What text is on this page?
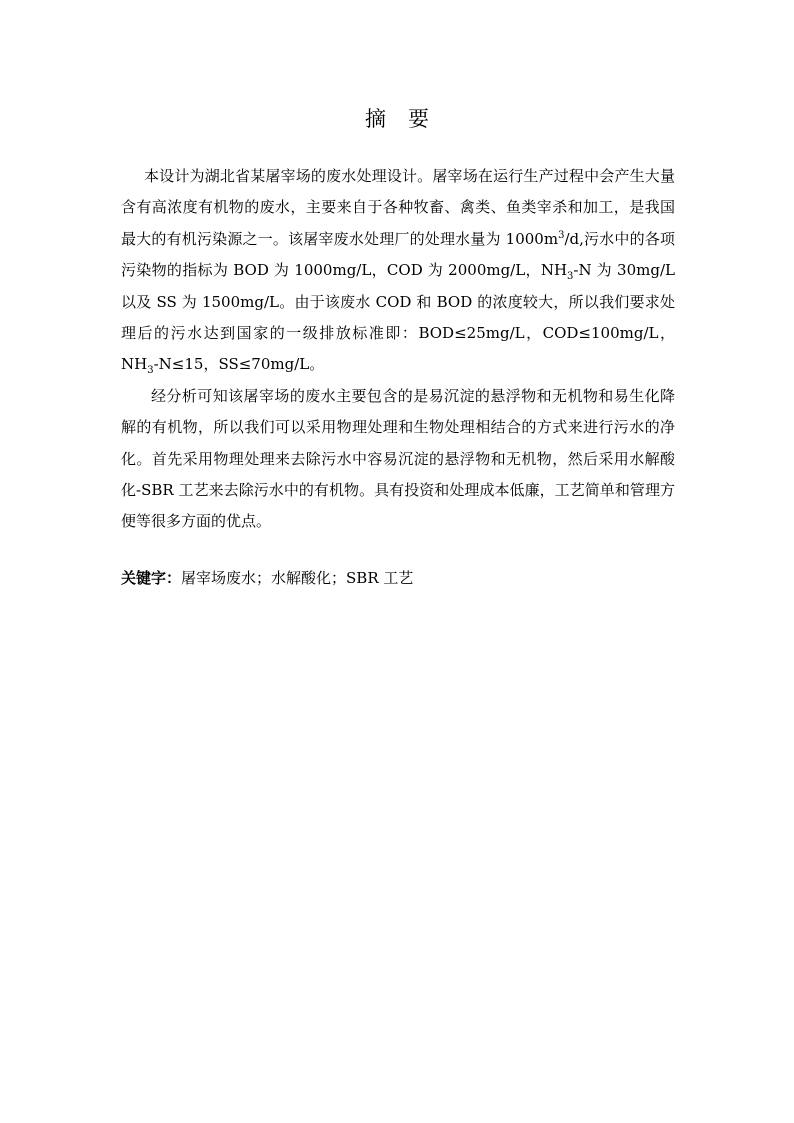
摘 要

本设计为湖北省某屠宰场的废水处理设计。屠宰场在运行生产过程中会产生大量含有高浓度有机物的废水，主要来自于各种牧畜、禽类、鱼类宰杀和加工，是我国最大的有机污染源之一。该屠宰废水处理厂的处理水量为 $1000m^3/d$,污水中的各项污染物的指标为 BOD 为 1000mg/L，COD 为 2000mg/L，$NH_3-N$ 为 30mg/L 以及 SS 为 1500mg/L。由于该废水 COD 和 BOD 的浓度较大，所以我们要求处理后的污水达到国家的一级排放标准即：BOD≤25mg/L，COD≤100mg/L，$NH_3-N\le 15$，SS≤70mg/L。

经分析可知该屠宰场的废水主要包含的是易沉淀的悬浮物和无机物和易生化降解的有机物，所以我们可以采用物理处理和生物处理相结合的方式来进行污水的净化。首先采用物理处理来去除污水中容易沉淀的悬浮物和无机物，然后采用水解酸化-SBR 工艺来去除污水中的有机物。具有投资和处理成本低廉，工艺简单和管理方便等很多方面的优点。

关键字：屠宰场废水；水解酸化；SBR 工艺
